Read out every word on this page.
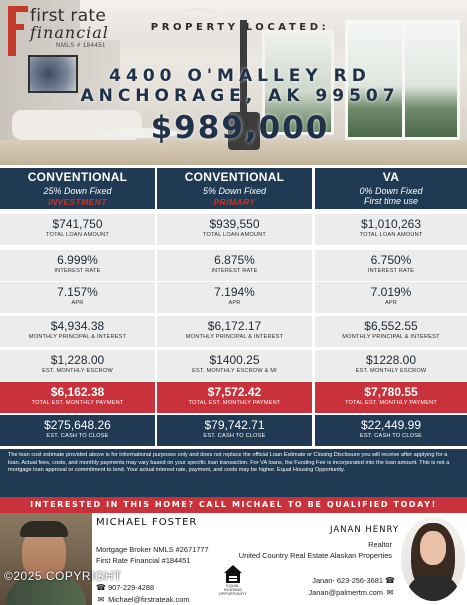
first rate
financial
NMLS # 184451
PROPERTY LOCATED:
4400 O'MALLEY RD
ANCHORAGE, AK 99507
$989,000
CONVENTIONAL
25% Down Fixed
INVESTMENT
$741,750
TOTAL LOAN AMOUNT
6.999%
INTEREST RATE
7.157%
APR
$4,934.38
MONTHLY PRINCIPAL & INTEREST
$1,228.00
EST. MONTHLY ESCROW
$6,162.38
TOTAL EST. MONTHLY PAYMENT
$275,648.26
EST. CASH TO CLOSE
CONVENTIONAL
5% Down Fixed
PRIMARY
$939,550
TOTAL LOAN AMOUNT
6.875%
INTEREST RATE
7.194%
APR
$6,172.17
MONTHLY PRINCIPAL & INTEREST
$1400.25
EST. MONTHLY ESCROW & MI
$7,572.42
TOTAL EST. MONTHLY PAYMENT
$79,742.71
EST. CASH TO CLOSE
VA
0% Down Fixed
First time use
$1,010,263
TOTAL LOAN AMOUNT
6.750%
INTEREST RATE
7.019%
APR
$6,552.55
MONTHLY PRINCIPAL & INTEREST
$1228.00
EST. MONTHLY ESCROW
$7,780.55
TOTAL EST. MONTHLY PAYMENT
$22,449.99
EST. CASH TO CLOSE
The loan cost estimate provided above is for informational purposes only and does not replace the official Loan Estimate or Closing Disclosure you will receive after applying for a loan. Actual fees, costs, and monthly payments may vary based on your specific loan transaction. For VA loans, the Funding Fee is incorporated into the loan amount. This is not a mortgage loan approval or commitment to lend. Your actual interest rate, payment, and costs may be higher. Equal Housing Opportunity.
INTERESTED IN THIS HOME? CALL MICHAEL TO BE QUALIFIED TODAY!
©2025 COPYRIGHT
MICHAEL FOSTER
Mortgage Broker NMLS #2671777
First Rate Financial #184451
☎ 907-229-4288
✉ Michael@firstrateak.com
EQUAL HOUSING OPPORTUNITY
JANAN HENRY
Realtor
United Country Real Estate Alaskan Properties
Janan- 623-256-3681 ☎
Janan@palmertm.com ✉
